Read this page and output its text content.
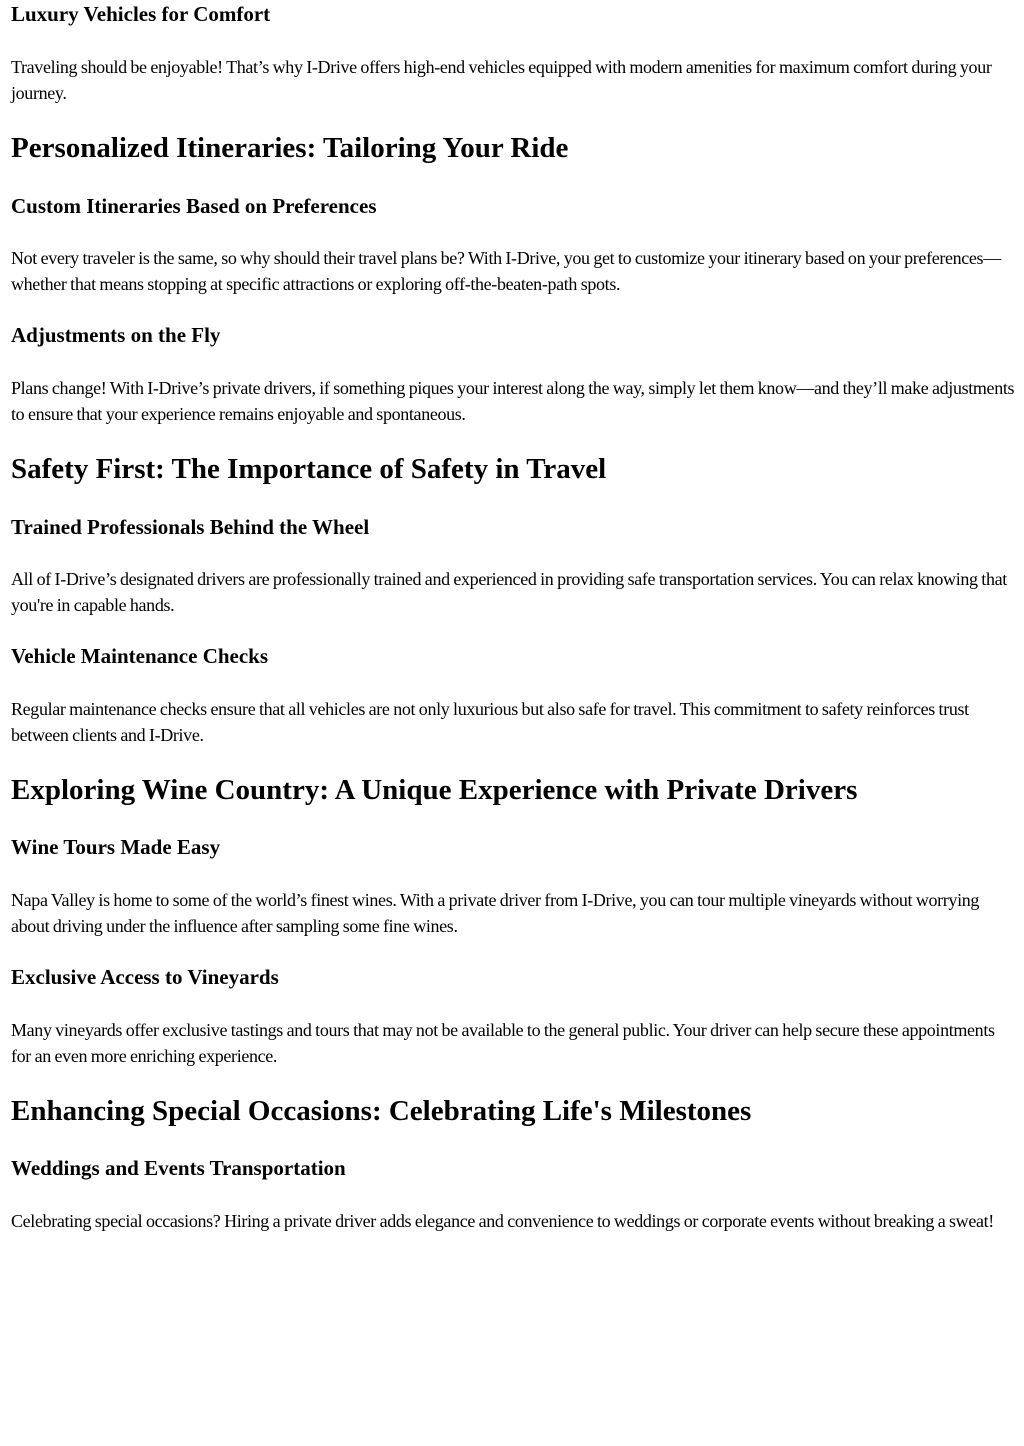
Luxury Vehicles for Comfort

Traveling should be enjoyable! That’s why I-Drive offers high-end vehicles equipped with modern amenities for maximum comfort during your journey.

Personalized Itineraries: Tailoring Your Ride
Custom Itineraries Based on Preferences

Not every traveler is the same, so why should their travel plans be? With I-Drive, you get to customize your itinerary based on your preferences—whether that means stopping at specific attractions or exploring off-the-beaten-path spots.

Adjustments on the Fly

Plans change! With I-Drive’s private drivers, if something piques your interest along the way, simply let them know—and they’ll make adjustments to ensure that your experience remains enjoyable and spontaneous.

Safety First: The Importance of Safety in Travel
Trained Professionals Behind the Wheel

All of I-Drive’s designated drivers are professionally trained and experienced in providing safe transportation services. You can relax knowing that you're in capable hands.

Vehicle Maintenance Checks

Regular maintenance checks ensure that all vehicles are not only luxurious but also safe for travel. This commitment to safety reinforces trust between clients and I-Drive.

Exploring Wine Country: A Unique Experience with Private Drivers
Wine Tours Made Easy

Napa Valley is home to some of the world’s finest wines. With a private driver from I-Drive, you can tour multiple vineyards without worrying about driving under the influence after sampling some fine wines.

Exclusive Access to Vineyards

Many vineyards offer exclusive tastings and tours that may not be available to the general public. Your driver can help secure these appointments for an even more enriching experience.

Enhancing Special Occasions: Celebrating Life's Milestones
Weddings and Events Transportation

Celebrating special occasions? Hiring a private driver adds elegance and convenience to weddings or corporate events without breaking a sweat!
